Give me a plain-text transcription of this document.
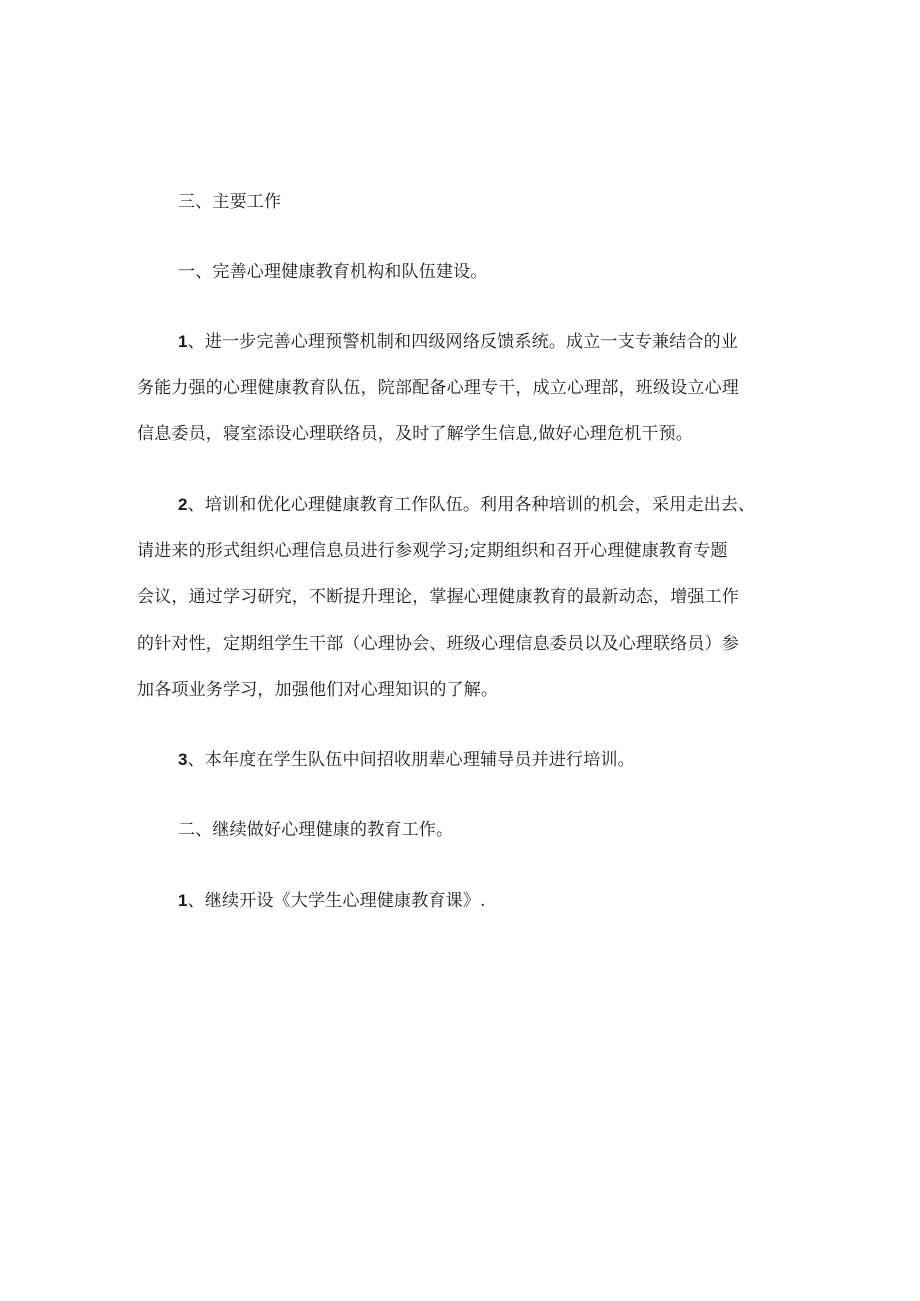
三、主要工作
一、完善心理健康教育机构和队伍建设。
1、进一步完善心理预警机制和四级网络反馈系统。成立一支专兼结合的业
务能力强的心理健康教育队伍，院部配备心理专干，成立心理部，班级设立心理
信息委员，寝室添设心理联络员，及时了解学生信息,做好心理危机干预。
2、培训和优化心理健康教育工作队伍。利用各种培训的机会，采用走出去、
请进来的形式组织心理信息员进行参观学习;定期组织和召开心理健康教育专题
会议，通过学习研究，不断提升理论，掌握心理健康教育的最新动态，增强工作
的针对性，定期组学生干部（心理协会、班级心理信息委员以及心理联络员）参
加各项业务学习，加强他们对心理知识的了解。
3、本年度在学生队伍中间招收朋辈心理辅导员并进行培训。
二、继续做好心理健康的教育工作。
1、继续开设《大学生心理健康教育课》.
